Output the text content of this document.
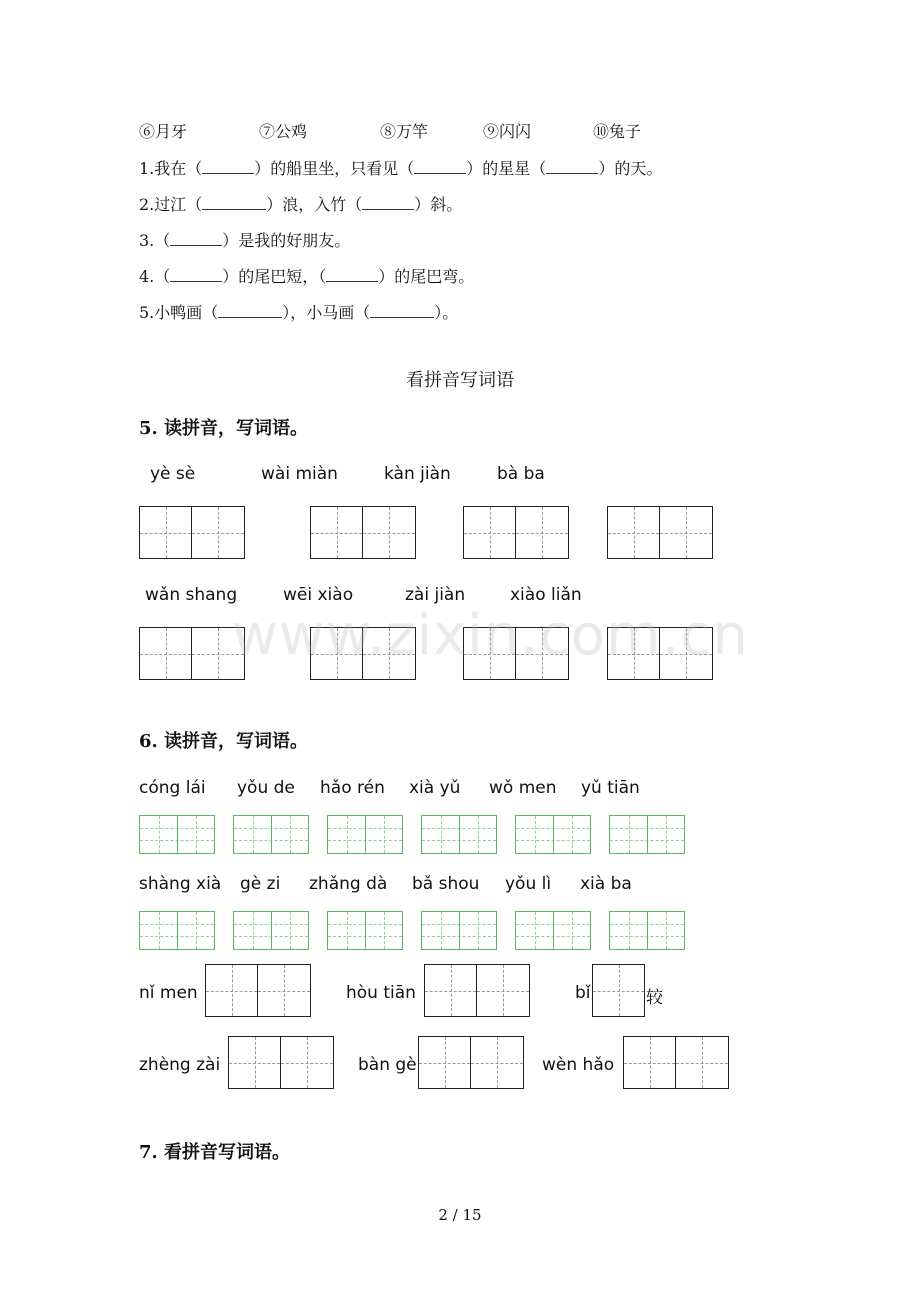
⑥月牙	⑦公鸡	⑧万竿	⑨闪闪	⑩兔子
1.我在（	）的船里坐，只看见（	）的星星（	）的天。
2.过江（	）浪，入竹（	）斜。
3.（	）是我的好朋友。
4.（	）的尾巴短，（	）的尾巴弯。
5.小鸭画（	），小马画（	）。
看拼音写词语
5. 读拼音，写词语。
yè sè	wài miàn	kàn jiàn	bà ba
wǎn shang	wēi xiào	zài jiàn	xiào liǎn
www.zixin.com.cn
6. 读拼音，写词语。
cóng lái yǒu de hǎo rén xià yǔ wǒ men yǔ tiān
shàng xià gè zi zhǎng dà bǎ shou yǒu lì xià ba
nǐ men	hòu tiān	bǐ	较
zhèng zài	bàn gè	wèn hǎo
7. 看拼音写词语。
2 / 15
